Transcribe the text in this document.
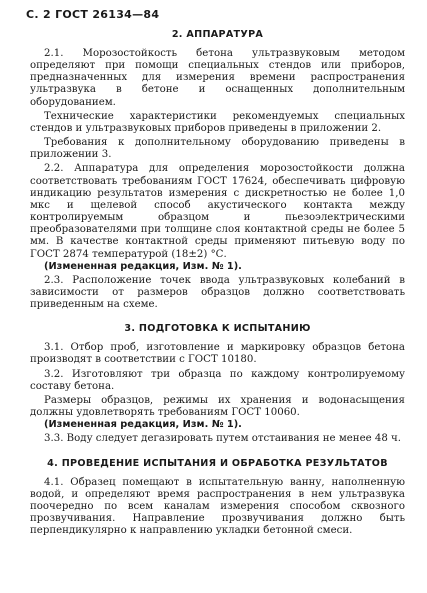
С. 2 ГОСТ 26134—84
2. АППАРАТУРА

2.1. Морозостойкость бетона ультразвуковым методом определяют при помощи специальных стендов или приборов, предназначенных для измерения времени распространения ультразвука в бетоне и оснащенных дополнительным оборудованием.

Технические характеристики рекомендуемых специальных стендов и ультразвуковых приборов приведены в приложении 2.

Требования к дополнительному оборудованию приведены в приложении 3.

2.2. Аппаратура для определения морозостойкости должна соответствовать требованиям ГОСТ 17624, обеспечивать цифровую индикацию результатов измерения с дискретностью не более 1,0 мкс и щелевой способ акустического контакта между контролируемым образцом и пьезоэлектрическими преобразователями при толщине слоя контактной среды не более 5 мм. В качестве контактной среды применяют питьевую воду по ГОСТ 2874 температурой (18±2) °С.

(Измененная редакция, Изм. № 1).

2.3. Расположение точек ввода ультразвуковых колебаний в зависимости от размеров образцов должно соответствовать приведенным на схеме.

3. ПОДГОТОВКА К ИСПЫТАНИЮ

3.1. Отбор проб, изготовление и маркировку образцов бетона производят в соответствии с ГОСТ 10180.

3.2. Изготовляют три образца по каждому контролируемому составу бетона.

Размеры образцов, режимы их хранения и водонасыщения должны удовлетворять требованиям ГОСТ 10060.

(Измененная редакция, Изм. № 1).

3.3. Воду следует дегазировать путем отстаивания не менее 48 ч.

4. ПРОВЕДЕНИЕ ИСПЫТАНИЯ И ОБРАБОТКА РЕЗУЛЬТАТОВ

4.1. Образец помещают в испытательную ванну, наполненную водой, и определяют время распространения в нем ультразвука поочередно по всем каналам измерения способом сквозного прозвучивания. Направление прозвучивания должно быть перпендикулярно к направлению укладки бетонной смеси.
